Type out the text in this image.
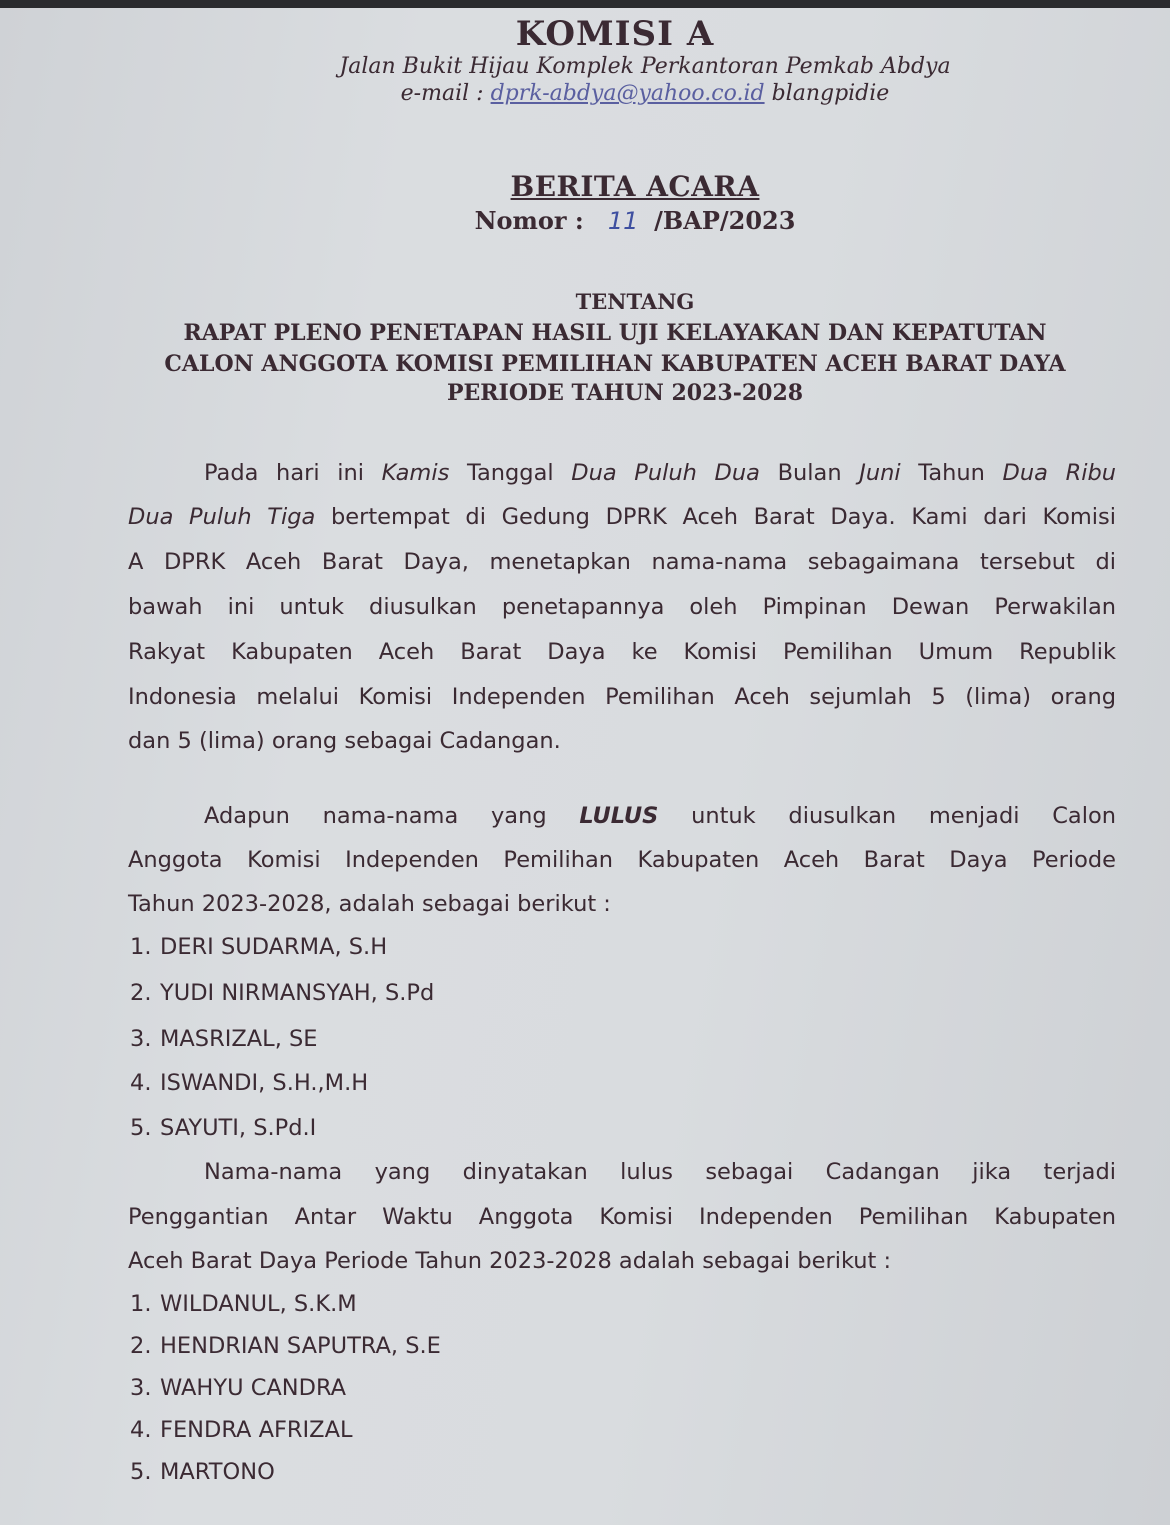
KOMISI A
Jalan Bukit Hijau Komplek Perkantoran Pemkab Abdya
e-mail : dprk-abdya@yahoo.co.id blangpidie
BERITA ACARA
Nomor : 11 /BAP/2023
TENTANG
RAPAT PLENO PENETAPAN HASIL UJI KELAYAKAN DAN KEPATUTAN
CALON ANGGOTA KOMISI PEMILIHAN KABUPATEN ACEH BARAT DAYA
PERIODE TAHUN 2023-2028
Pada hari ini Kamis Tanggal Dua Puluh Dua Bulan Juni Tahun Dua Ribu
Dua Puluh Tiga bertempat di Gedung DPRK Aceh Barat Daya. Kami dari Komisi
A DPRK Aceh Barat Daya, menetapkan nama-nama sebagaimana tersebut di
bawah ini untuk diusulkan penetapannya oleh Pimpinan Dewan Perwakilan
Rakyat Kabupaten Aceh Barat Daya ke Komisi Pemilihan Umum Republik
Indonesia melalui Komisi Independen Pemilihan Aceh sejumlah 5 (lima) orang
dan 5 (lima) orang sebagai Cadangan.
Adapun nama-nama yang LULUS untuk diusulkan menjadi Calon
Anggota Komisi Independen Pemilihan Kabupaten Aceh Barat Daya Periode
Tahun 2023-2028, adalah sebagai berikut :
1. DERI SUDARMA, S.H
2. YUDI NIRMANSYAH, S.Pd
3. MASRIZAL, SE
4. ISWANDI, S.H.,M.H
5. SAYUTI, S.Pd.I
Nama-nama yang dinyatakan lulus sebagai Cadangan jika terjadi
Penggantian Antar Waktu Anggota Komisi Independen Pemilihan Kabupaten
Aceh Barat Daya Periode Tahun 2023-2028 adalah sebagai berikut :
1. WILDANUL, S.K.M
2. HENDRIAN SAPUTRA, S.E
3. WAHYU CANDRA
4. FENDRA AFRIZAL
5. MARTONO
